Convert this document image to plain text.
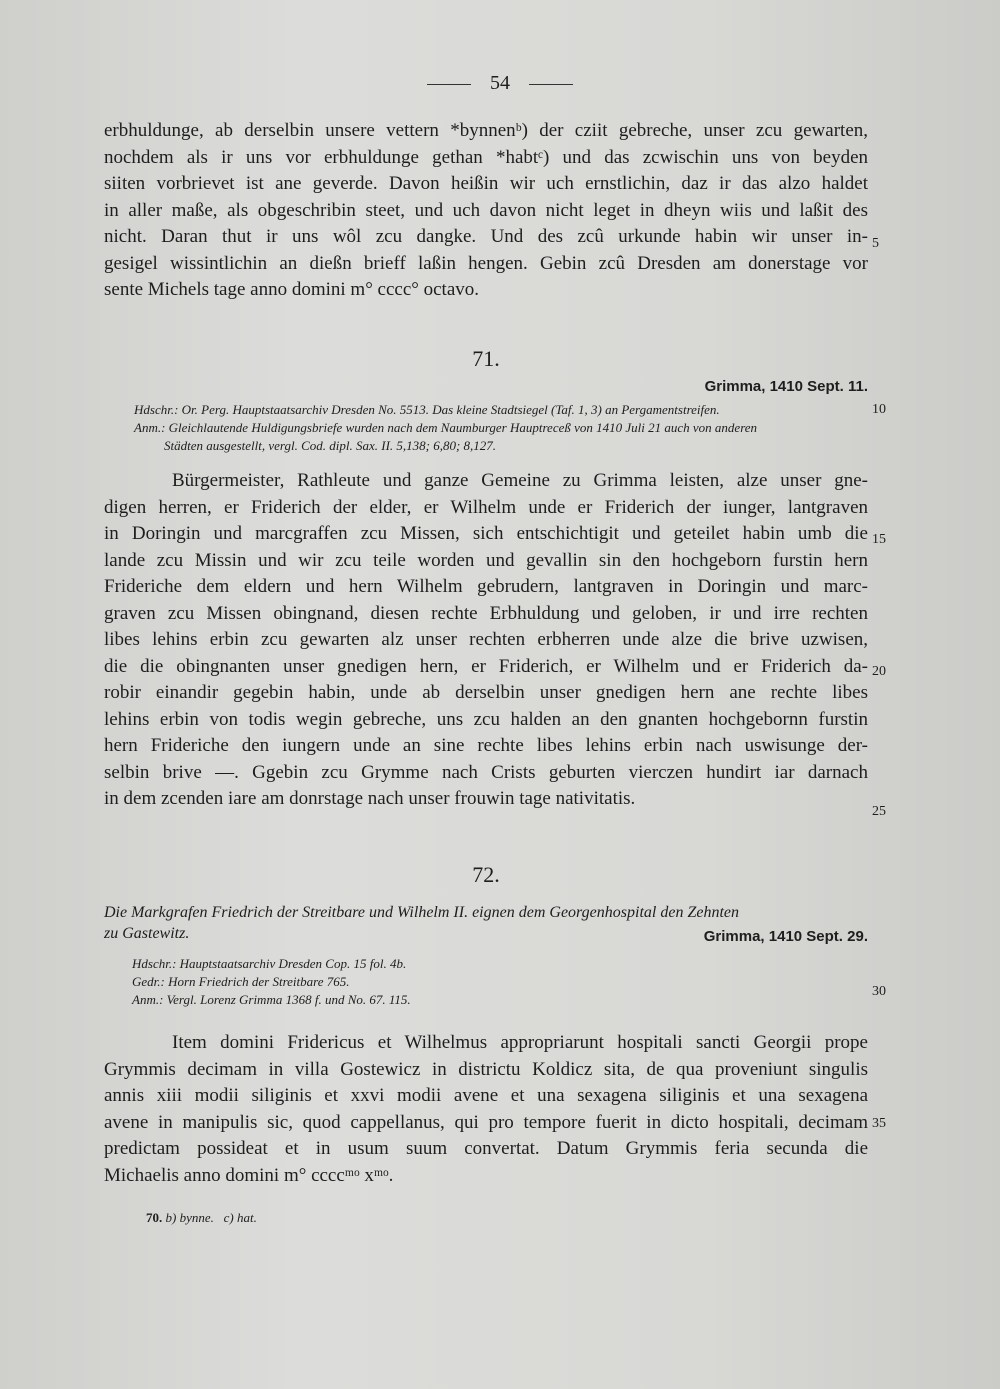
54

erbhuldunge, ab derselbin unsere vettern *bynnenᵇ) der cziit gebreche, unser zcu gewarten,
nochdem als ir uns vor erbhuldunge gethan *habtᶜ) und das zcwischin uns von beyden
siiten vorbrievet ist ane geverde. Davon heißin wir uch ernstlichin, daz ir das alzo haldet
in aller maße, als obgeschribin steet, und uch davon nicht leget in dheyn wiis und laßit des
nicht. Daran thut ir uns wôl zcu dangke. Und des zcû urkunde habin wir unser in-
gesigel wissintlichin an dießn brieff laßin hengen. Gebin zcû Dresden am donerstage vor
sente Michels tage anno domini m° cccc° octavo.

71.

Grimma, 1410 Sept. 11.

Hdschr.: Or. Perg. Hauptstaatsarchiv Dresden No. 5513. Das kleine Stadtsiegel (Taf. 1, 3) an Pergamentstreifen.
Anm.: Gleichlautende Huldigungsbriefe wurden nach dem Naumburger Hauptreceß von 1410 Juli 21 auch von anderen
Städten ausgestellt, vergl. Cod. dipl. Sax. II. 5,138; 6,80; 8,127.

Bürgermeister, Rathleute und ganze Gemeine zu Grimma leisten, alze unser gne-
digen herren, er Friderich der elder, er Wilhelm unde er Friderich der iunger, lantgraven
in Doringin und marcgraffen zcu Missen, sich entschichtigit und geteilet habin umb die
lande zcu Missin und wir zcu teile worden und gevallin sin den hochgeborn furstin hern
Frideriche dem eldern und hern Wilhelm gebrudern, lantgraven in Doringin und marc-
graven zcu Missen obingnand, diesen rechte Erbhuldung und geloben, ir und irre rechten
libes lehins erbin zcu gewarten alz unser rechten erbherren unde alze die brive uzwisen,
die die obingnanten unser gnedigen hern, er Friderich, er Wilhelm und er Friderich da-
robir einandir gegebin habin, unde ab derselbin unser gnedigen hern ane rechte libes
lehins erbin von todis wegin gebreche, uns zcu halden an den gnanten hochgebornn furstin
hern Frideriche den iungern unde an sine rechte libes lehins erbin nach uswisunge der-
selbin brive —. Ggebin zcu Grymme nach Crists geburten vierczen hundirt iar darnach
in dem zcenden iare am donrstage nach unser frouwin tage nativitatis.

72.

Die Markgrafen Friedrich der Streitbare und Wilhelm II. eignen dem Georgenhospital den Zehnten
zu Gastewitz.	Grimma, 1410 Sept. 29.

Hdschr.: Hauptstaatsarchiv Dresden Cop. 15 fol. 4b.
Gedr.: Horn Friedrich der Streitbare 765.
Anm.: Vergl. Lorenz Grimma 1368 f. und No. 67. 115.

Item domini Fridericus et Wilhelmus appropriarunt hospitali sancti Georgii prope
Grymmis decimam in villa Gostewicz in districtu Koldicz sita, de qua proveniunt singulis
annis xiii modii siliginis et xxvi modii avene et una sexagena siliginis et una sexagena
avene in manipulis sic, quod cappellanus, qui pro tempore fuerit in dicto hospitali, decimam
predictam possideat et in usum suum convertat. Datum Grymmis feria secunda die
Michaelis anno domini m° ccccᵐᵒ xᵐᵒ.

5
10
15
20
25
30
35
70. b) bynne.   c) hat.
